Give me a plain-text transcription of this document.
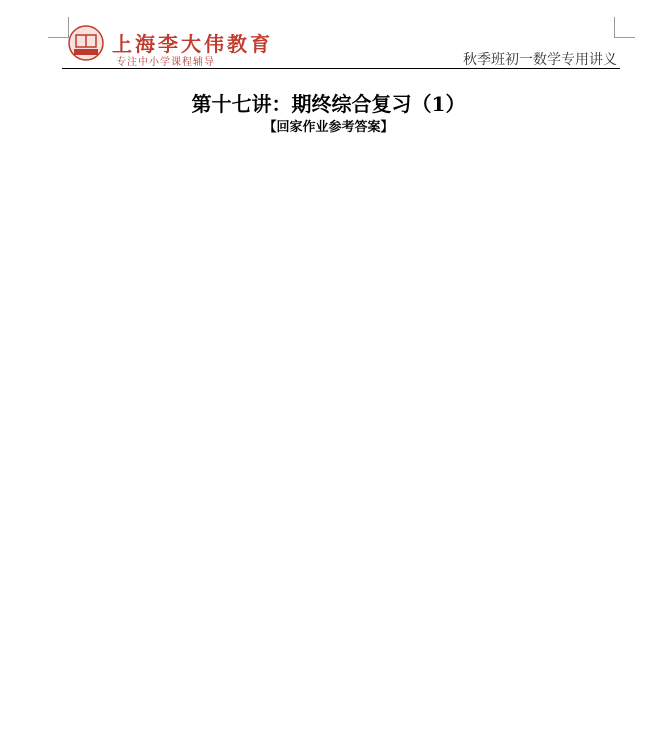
上海李大伟教育
专注中小学课程辅导	秋季班初一数学专用讲义
第十七讲：期终综合复习（1）
【回家作业参考答案】
